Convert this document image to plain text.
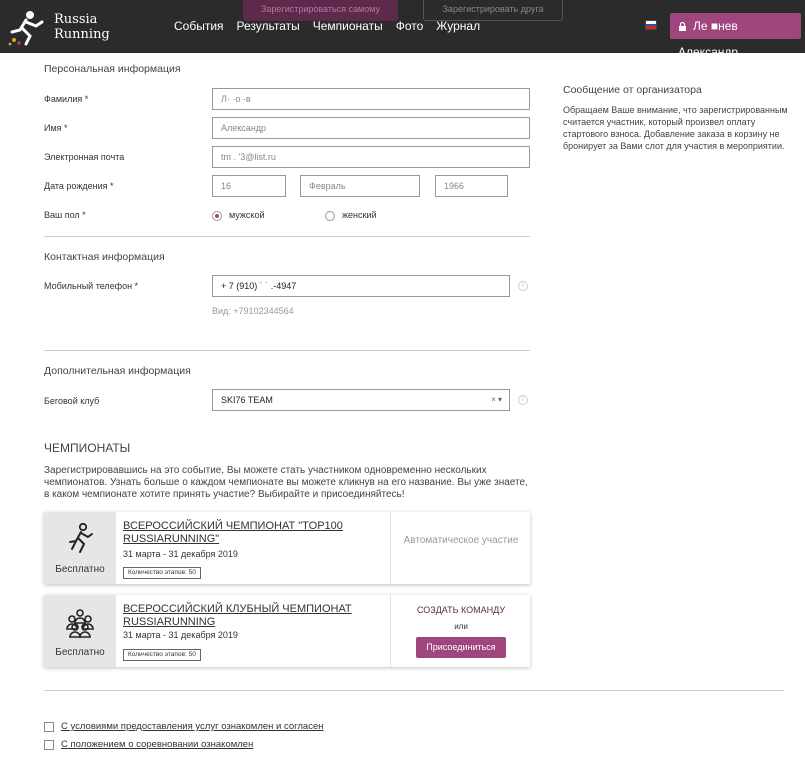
Russia
Running
Зарегистрироваться самому	Зарегистрировать друга
События Результаты Чемпионаты Фото Журнал	Ле ■нев Александр
Персональная информация
Фамилия *	Л· ·о ·в
Имя *	Александр
Электронная почта	tm . '3@list.ru
Дата рождения *	16	Февраль	1966
Ваш пол *	мужской	женский
Контактная информация
Мобильный телефон *	+ 7 (910) ˙ ˙ .-4947	i
Вид: +79102344564
Дополнительная информация
Беговой клуб	SKI76 TEAM	× ▾	i
Сообщение от организатора
Обращаем Ваше внимание, что зарегистрированным считается участник, который произвел оплату стартового взноса. Добавление заказа в корзину не бронирует за Вами слот для участия в мероприятии.
ЧЕМПИОНАТЫ
Зарегистрировавшись на это событие, Вы можете стать участником одновременно нескольких чемпионатов. Узнать больше о каждом чемпионате вы можете кликнув на его название. Вы уже знаете, в каком чемпионате хотите принять участие? Выбирайте и присоединяйтесь!
Бесплатно
ВСЕРОССИЙСКИЙ ЧЕМПИОНАТ "TOP100 RUSSIARUNNING"
31 марта - 31 декабря 2019
Количество этапов: 50
Автоматическое участие
Бесплатно
ВСЕРОССИЙСКИЙ КЛУБНЫЙ ЧЕМПИОНАТ RUSSIARUNNING
31 марта - 31 декабря 2019
Количество этапов: 50
СОЗДАТЬ КОМАНДУ
или
Присоединиться
С условиями предоставления услуг ознакомлен и согласен
С положением о соревновании ознакомлен
